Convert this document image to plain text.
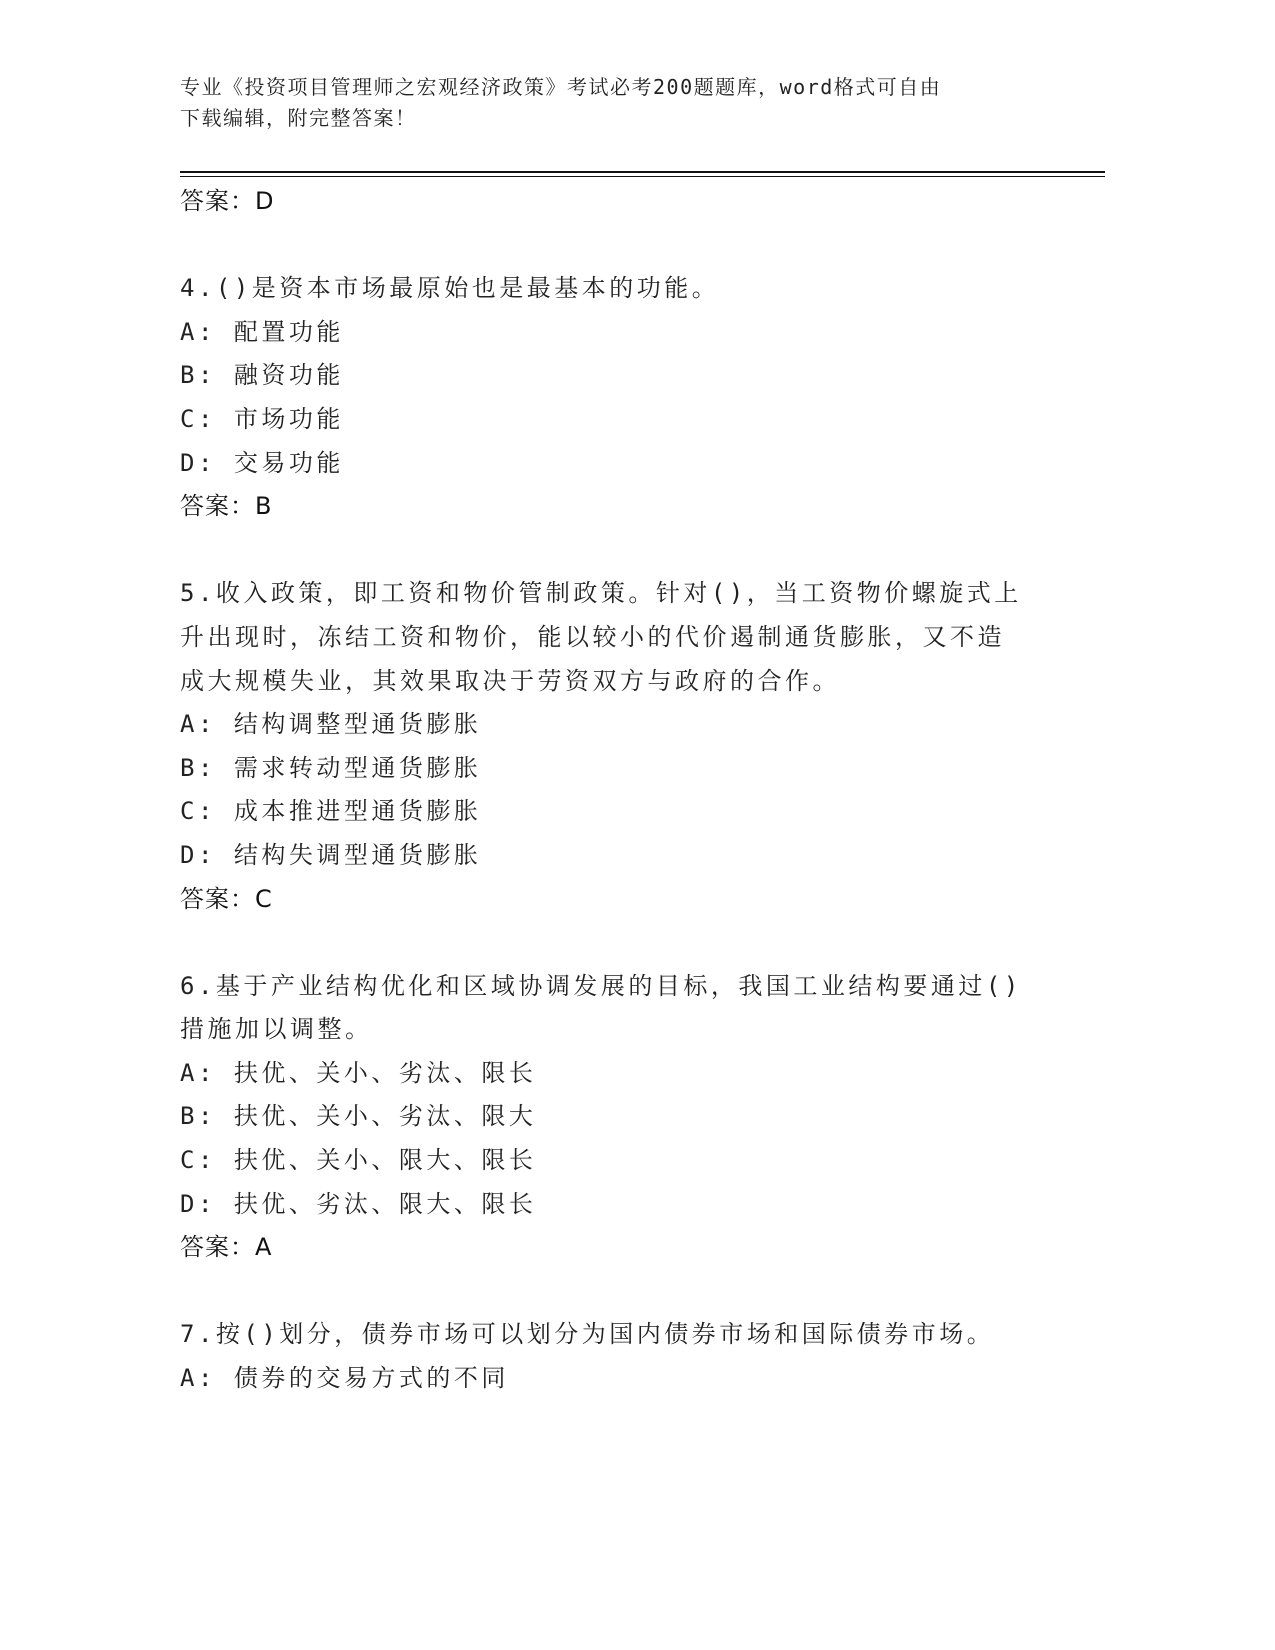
专业《投资项目管理师之宏观经济政策》考试必考200题题库，word格式可自由
下载编辑，附完整答案！
答案：D
4.()是资本市场最原始也是最基本的功能。
A: 配置功能
B: 融资功能
C: 市场功能
D: 交易功能
答案：B
5.收入政策，即工资和物价管制政策。针对()，当工资物价螺旋式上
升出现时，冻结工资和物价，能以较小的代价遏制通货膨胀，又不造
成大规模失业，其效果取决于劳资双方与政府的合作。
A: 结构调整型通货膨胀
B: 需求转动型通货膨胀
C: 成本推进型通货膨胀
D: 结构失调型通货膨胀
答案：C
6.基于产业结构优化和区域协调发展的目标，我国工业结构要通过()
措施加以调整。
A: 扶优、关小、劣汰、限长
B: 扶优、关小、劣汰、限大
C: 扶优、关小、限大、限长
D: 扶优、劣汰、限大、限长
答案：A
7.按()划分，债券市场可以划分为国内债券市场和国际债券市场。
A: 债券的交易方式的不同
